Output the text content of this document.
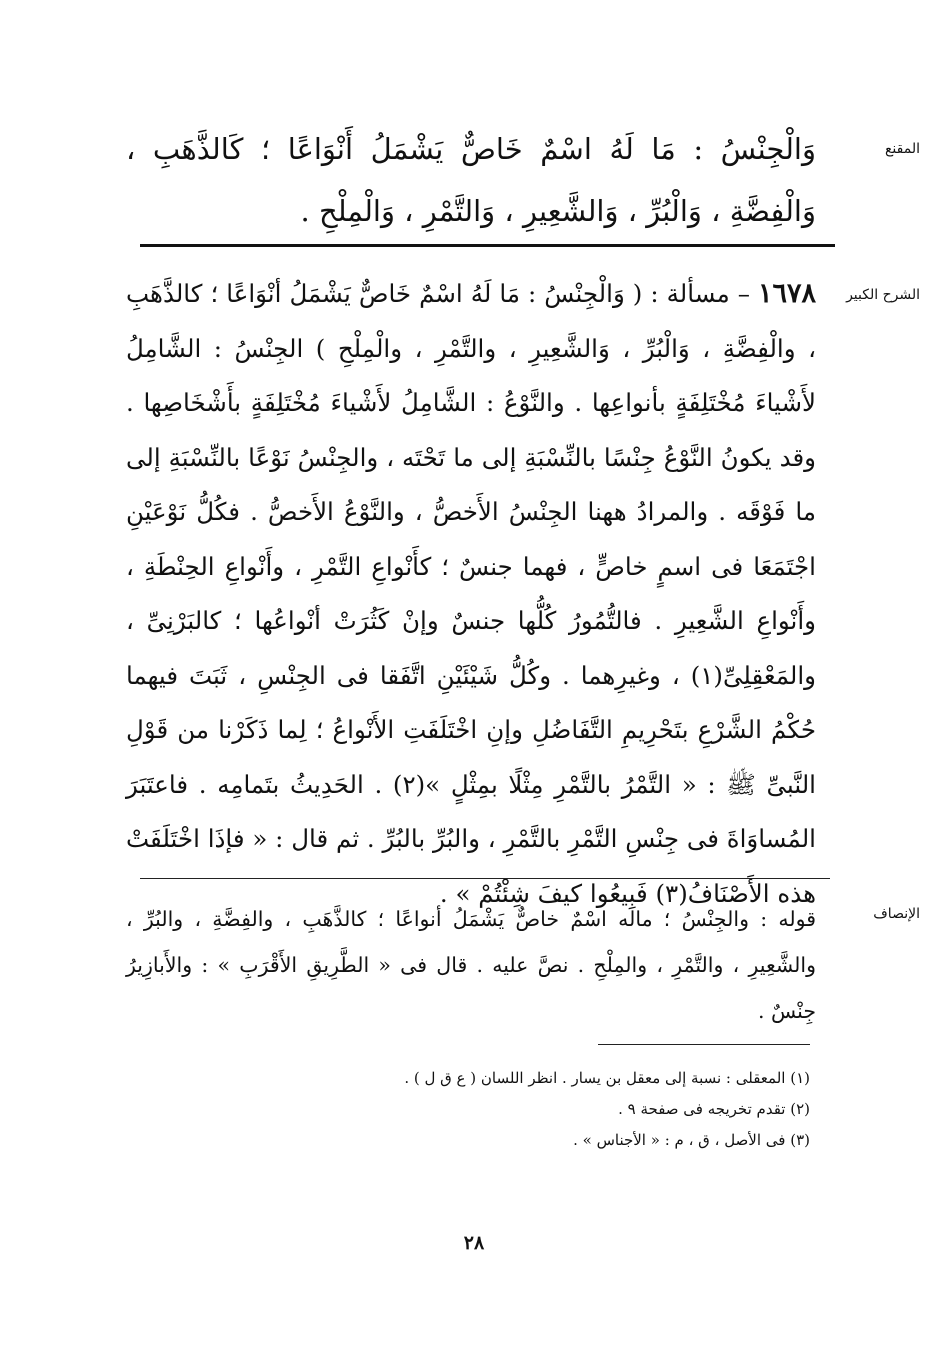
المقنع
وَالْجِنْسُ : مَا لَهُ اسْمٌ خَاصٌّ يَشْمَلُ أَنْوَاعًا ؛ كَالذَّهَبِ ، وَالْفِضَّةِ ، وَالْبُرِّ ، وَالشَّعِيرِ ، وَالتَّمْرِ ، وَالْمِلْحِ .
الشرح الكبير
١٦٧٨ – مسألة : ( وَالْجِنْسُ : مَا لَهُ اسْمٌ خَاصٌّ يَشْمَلُ أنْوَاعًا ؛ كالذَّهَبِ ، والْفِضَّةِ ، وَالْبُرِّ ، وَالشَّعِيرِ ، والتَّمْرِ ، والْمِلْحِ ) الجِنْسُ : الشَّامِلُ لأَشْياءَ مُخْتَلِفَةٍ بأنواعِها . والنَّوْعُ : الشَّامِلُ لأَشْياءَ مُخْتَلِفَةٍ بأَشْخَاصِها . وقد يكونُ النَّوْعُ جِنْسًا بالنِّسْبَةِ إلى ما تَحْتَه ، والجِنْسُ نَوْعًا بالنِّسْبَةِ إلى ما فَوْقَه . والمرادُ ههنا الجِنْسُ الأَخصُّ ، والنَّوْعُ الأَخصُّ . فكُلُّ نَوْعَيْنِ اجْتَمَعَا فى اسمٍ خاصٍّ ، فهما جنسٌ ؛ كأَنْواعِ التَّمْرِ ، وأَنْواعِ الحِنْطَةِ ، وأَنْواعِ الشَّعِيرِ . فالتُّمُورُ كُلُّها جنسٌ وإنْ كَثُرَتْ أنْواعُها ؛ كالبَرْنِىِّ ، والمَعْقِلِىِّ(١) ، وغيرِهما . وكُلُّ شَيْئَيْنِ اتَّفَقا فى الجِنْسِ ، ثَبَتَ فيهما حُكْمُ الشَّرْعِ بتَحْرِيمِ التَّفَاضُلِ وإنِ اخْتَلَفَتِ الأَنْواعُ ؛ لِما ذَكَرْنا من قَوْلِ النَّبىِّ ﷺ : « التَّمْرُ بالتَّمْرِ مِثْلًا بمِثْلٍ »(٢) . الحَدِيثُ بتَمامِه . فاعتَبَرَ المُساوَاةَ فى جِنْسِ التَّمْرِ بالتَّمْرِ ، والبُرِّ بالبُرِّ . ثم قال : « فإذَا اخْتَلَفَتْ هذه الأَصْنَافُ(٣) فَبِيعُوا كيفَ شِئْتُمْ » .
الإنصاف
قوله : والجِنْسُ ؛ ماله اسْمٌ خاصٌّ يَشْمَلُ أنواعًا ؛ كالذَّهَبِ ، والفِضَّةِ ، والبُرِّ ، والشَّعِيرِ ، والتَّمْرِ ، والمِلْحِ . نصَّ عليه . قال فى « الطَّرِيقِ الأَقْرَبِ » : والأَبازِيرُ جِنْسٌ .
(١) المعقلى : نسبة إلى معقل بن يسار . انظر اللسان ( ع ق ل ) .
(٢) تقدم تخريجه فى صفحة ٩ .
(٣) فى الأصل ، ق ، م : « الأجناس » .
٢٨
